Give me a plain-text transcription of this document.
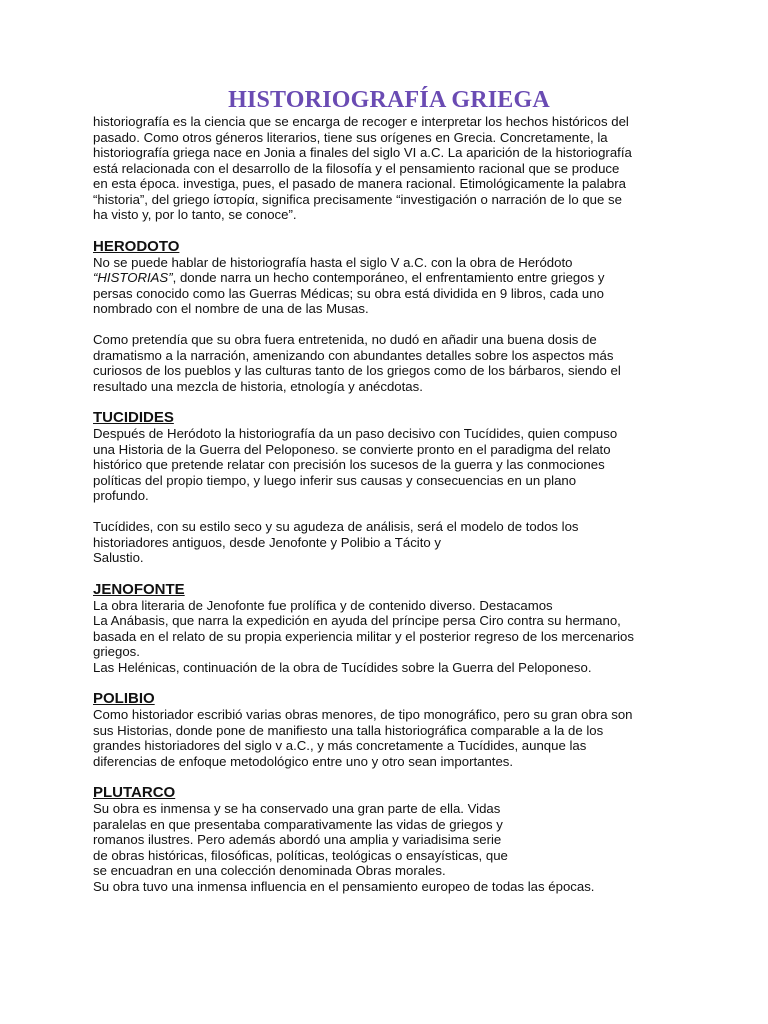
HISTORIOGRAFÍA GRIEGA

historiografía es la ciencia que se encarga de recoger e interpretar los hechos históricos del
pasado. Como otros géneros literarios, tiene sus orígenes en Grecia. Concretamente, la
historiografía griega nace en Jonia a finales del siglo VI a.C. La aparición de la historiografía
está relacionada con el desarrollo de la filosofía y el pensamiento racional que se produce
en esta época. investiga, pues, el pasado de manera racional. Etimológicamente la palabra
“historia”, del griego ίστορία, significa precisamente “investigación o narración de lo que se
ha visto y, por lo tanto, se conoce”.

HERODOTO

No se puede hablar de historiografía hasta el siglo V a.C. con la obra de Heródoto
“HISTORIAS”, donde narra un hecho contemporáneo, el enfrentamiento entre griegos y
persas conocido como las Guerras Médicas; su obra está dividida en 9 libros, cada uno
nombrado con el nombre de una de las Musas.

Como pretendía que su obra fuera entretenida, no dudó en añadir una buena dosis de
dramatismo a la narración, amenizando con abundantes detalles sobre los aspectos más
curiosos de los pueblos y las culturas tanto de los griegos como de los bárbaros, siendo el
resultado una mezcla de historia, etnología y anécdotas.

TUCIDIDES

Después de Heródoto la historiografía da un paso decisivo con Tucídides, quien compuso
una Historia de la Guerra del Peloponeso. se convierte pronto en el paradigma del relato
histórico que pretende relatar con precisión los sucesos de la guerra y las conmociones
políticas del propio tiempo, y luego inferir sus causas y consecuencias en un plano
profundo.

Tucídides, con su estilo seco y su agudeza de análisis, será el modelo de todos los
historiadores antiguos, desde Jenofonte y Polibio a Tácito y
Salustio.

JENOFONTE

La obra literaria de Jenofonte fue prolífica y de contenido diverso. Destacamos
La Anábasis, que narra la expedición en ayuda del príncipe persa Ciro contra su hermano,
basada en el relato de su propia experiencia militar y el posterior regreso de los mercenarios
griegos.
Las Helénicas, continuación de la obra de Tucídides sobre la Guerra del Peloponeso.

POLIBIO

Como historiador escribió varias obras menores, de tipo monográfico, pero su gran obra son
sus Historias, donde pone de manifiesto una talla historiográfica comparable a la de los
grandes historiadores del siglo v a.C., y más concretamente a Tucídides, aunque las
diferencias de enfoque metodológico entre uno y otro sean importantes.

PLUTARCO

Su obra es inmensa y se ha conservado una gran parte de ella. Vidas
paralelas en que presentaba comparativamente las vidas de griegos y
romanos ilustres. Pero además abordó una amplia y variadisima serie
de obras históricas, filosóficas, políticas, teológicas o ensayísticas, que
se encuadran en una colección denominada Obras morales.
Su obra tuvo una inmensa influencia en el pensamiento europeo de todas las épocas.
